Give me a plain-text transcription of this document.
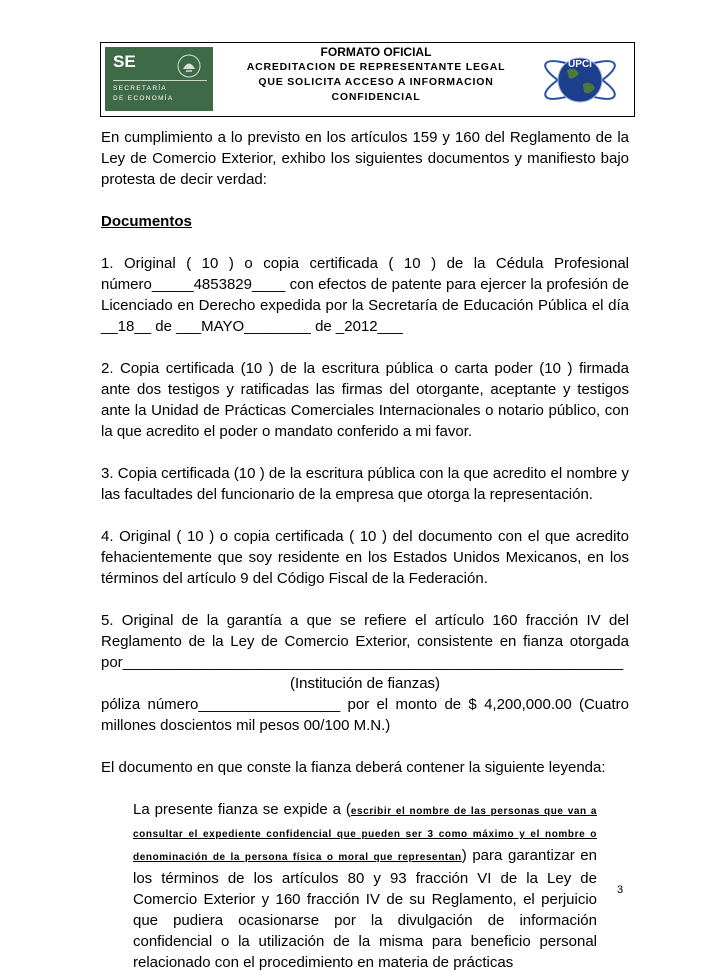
SE
SECRETARÍA
DE ECONOMÍA
FORMATO OFICIAL
ACREDITACION DE REPRESENTANTE LEGAL
QUE SOLICITA ACCESO A INFORMACION
CONFIDENCIAL
UPCI

En cumplimiento a lo previsto en los artículos 159 y 160 del Reglamento de la Ley de Comercio Exterior, exhibo los siguientes documentos y manifiesto bajo protesta de decir verdad:

Documentos

1. Original ( 10 ) o copia certificada ( 10 ) de la Cédula Profesional número_____4853829____ con efectos de patente para ejercer la profesión de Licenciado en Derecho expedida por la Secretaría de Educación Pública el día __18__ de ___MAYO________ de _2012___

2. Copia certificada (10 ) de la escritura pública o carta poder (10 ) firmada ante dos testigos y ratificadas las firmas del otorgante, aceptante y testigos ante la Unidad de Prácticas Comerciales Internacionales o notario público, con la que acredito el poder o mandato conferido a mi favor.

3. Copia certificada (10 ) de la escritura pública con la que acredito el nombre y las facultades del funcionario de la empresa que otorga la representación.

4. Original ( 10 ) o copia certificada ( 10 ) del documento con el que acredito fehacientemente que soy residente en los Estados Unidos Mexicanos, en los términos del artículo 9 del Código Fiscal de la Federación.

5. Original de la garantía a que se refiere el artículo 160 fracción IV del Reglamento de la Ley de Comercio Exterior, consistente en fianza otorgada por____________________________________________________________

(Institución de fianzas)

póliza número_________________ por el monto de $ 4,200,000.00 (Cuatro millones doscientos mil pesos 00/100 M.N.)

El documento en que conste la fianza deberá contener la siguiente leyenda:

La presente fianza se expide a (escribir el nombre de las personas que van a consultar el expediente confidencial que pueden ser 3 como máximo y el nombre o denominación de la persona física o moral que representan) para garantizar en los términos de los artículos 80 y 93 fracción VI de la Ley de Comercio Exterior y 160 fracción IV de su Reglamento, el perjuicio que pudiera ocasionarse por la divulgación de información confidencial o la utilización de la misma para beneficio personal relacionado con el procedimiento en materia de prácticas
3
